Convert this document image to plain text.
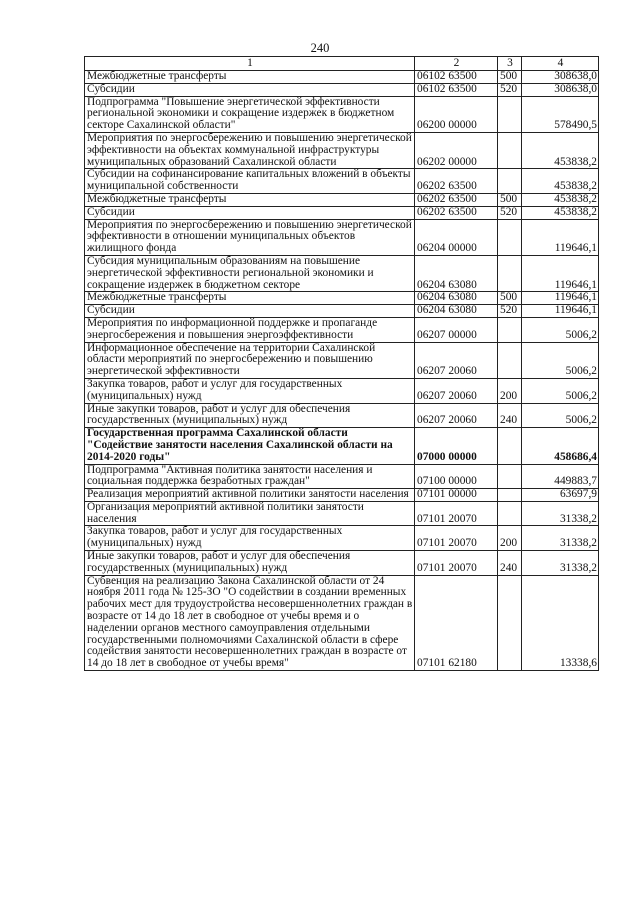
240
1	2	3	4
Межбюджетные трансферты	06102 63500	500	308638,0
Субсидии	06102 63500	520	308638,0
Подпрограмма "Повышение энергетической эффективности региональной экономики и сокращение издержек в бюджетном секторе Сахалинской области"	06200 00000		578490,5
Мероприятия по энергосбережению и повышению энергетической эффективности на объектах коммунальной инфраструктуры муниципальных образований Сахалинской области	06202 00000		453838,2
Субсидии на софинансирование капитальных вложений в объекты муниципальной собственности	06202 63500		453838,2
Межбюджетные трансферты	06202 63500	500	453838,2
Субсидии	06202 63500	520	453838,2
Мероприятия по энергосбережению и повышению энергетической эффективности в отношении муниципальных объектов жилищного фонда	06204 00000		119646,1
Субсидия муниципальным образованиям на повышение энергетической эффективности региональной экономики и сокращение издержек в бюджетном секторе	06204 63080		119646,1
Межбюджетные трансферты	06204 63080	500	119646,1
Субсидии	06204 63080	520	119646,1
Мероприятия по информационной поддержке и пропаганде энергосбережения и повышения энергоэффективности	06207 00000		5006,2
Информационное обеспечение на территории Сахалинской области мероприятий по энергосбережению и повышению энергетической эффективности	06207 20060		5006,2
Закупка товаров, работ и услуг для государственных (муниципальных) нужд	06207 20060	200	5006,2
Иные закупки товаров, работ и услуг для обеспечения государственных (муниципальных) нужд	06207 20060	240	5006,2
Государственная программа Сахалинской области "Содействие занятости населения Сахалинской области на 2014-2020 годы"	07000 00000		458686,4
Подпрограмма "Активная политика занятости населения и социальная поддержка безработных граждан"	07100 00000		449883,7
Реализация мероприятий активной политики занятости населения	07101 00000		63697,9
Организация мероприятий активной политики занятости населения	07101 20070		31338,2
Закупка товаров, работ и услуг для государственных (муниципальных) нужд	07101 20070	200	31338,2
Иные закупки товаров, работ и услуг для обеспечения государственных (муниципальных) нужд	07101 20070	240	31338,2
Субвенция на реализацию Закона Сахалинской области от 24 ноября 2011 года № 125-ЗО "О содействии в создании временных рабочих мест для трудоустройства несовершеннолетних граждан в возрасте от 14 до 18 лет в свободное от учебы время и о наделении органов местного самоуправления отдельными государственными полномочиями Сахалинской области в сфере содействия занятости несовершеннолетних граждан в возрасте от 14 до 18 лет в свободное от учебы время"	07101 62180		13338,6
